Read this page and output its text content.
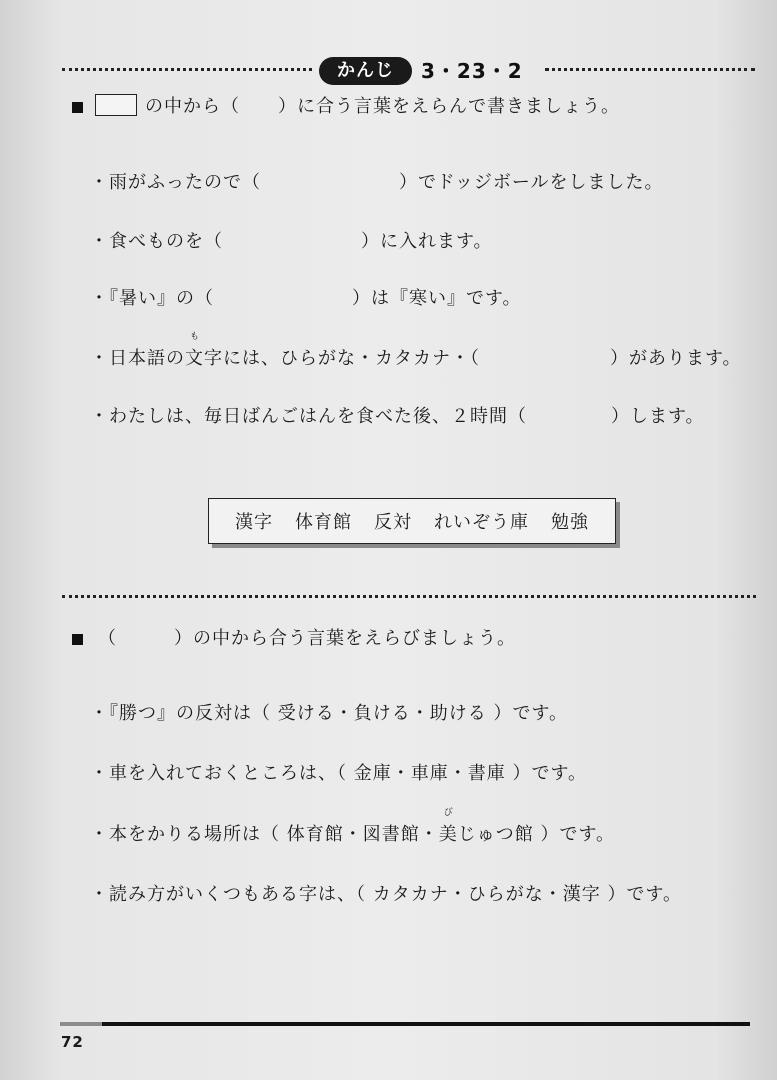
かんじ	3・23・2
の中から（　　）に合う言葉をえらんで書きましょう。
・雨がふったので（	）でドッジボールをしました。
・食べものを（	）に入れます。
・『暑い』の（	）は『寒い』です。
・日本語の
も
文字には、ひらがな・カタカナ・（	）があります。
・わたしは、毎日ばんごはんを食べた後、２時間（	）します。
漢字 体育館 反対 れいぞう庫 勉強
（　　　）の中から合う言葉をえらびましょう。
・『勝つ』の反対は（ 受ける・負ける・助ける ）です。
・車を入れておくところは、（ 金庫・車庫・書庫 ）です。
・本をかりる場所は（ 体育館・図書館・
び
美じゅつ館 ）です。
・読み方がいくつもある字は、（ カタカナ・ひらがな・漢字 ）です。
72
